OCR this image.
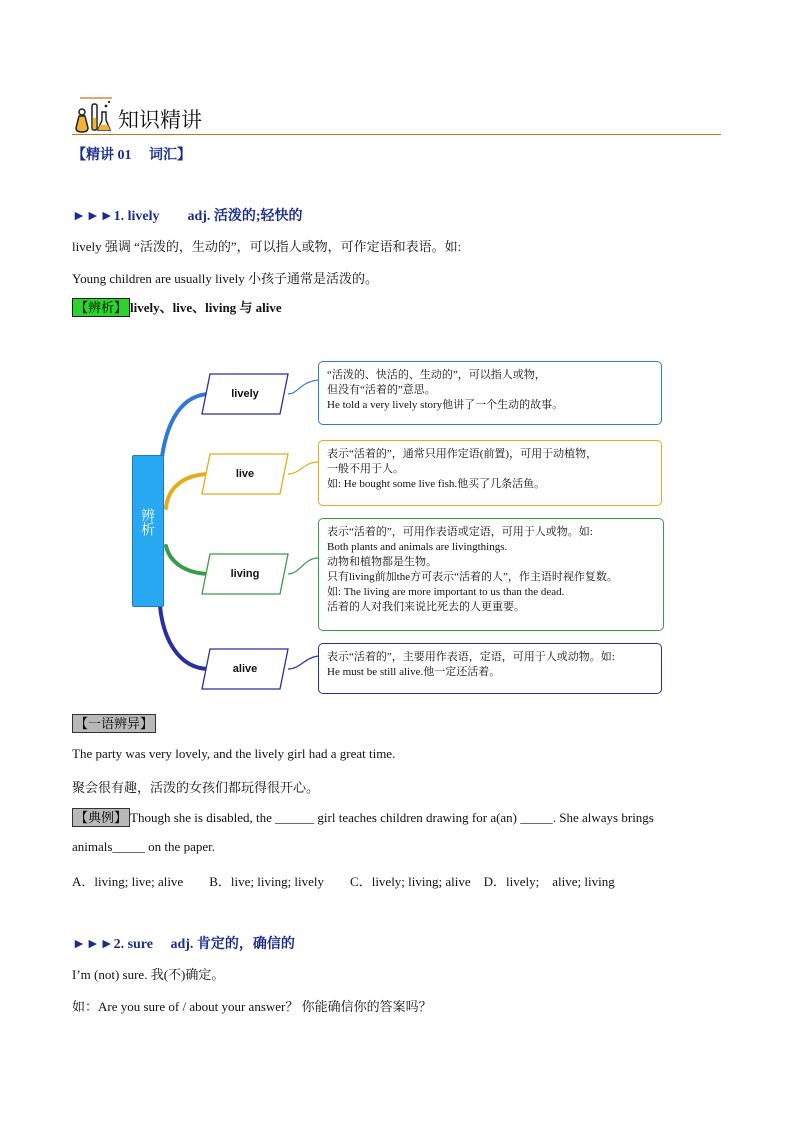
知识精讲
【精讲 01 　词汇】
►►►1. lively　　adj. 活泼的;轻快的
lively 强调 “活泼的，生动的”，可以指人或物，可作定语和表语。如:
Young children are usually lively 小孩子通常是活泼的。
【辨析】 lively、live、living 与 alive
辨析
lively
live
living
alive
“活泼的、快活的、生动的”，可以指人或物，
但没有“活着的”意思。
He told a very lively story他讲了一个生动的故事。
表示“活着的”，通常只用作定语(前置)，可用于动植物，
一般不用于人。
如: He bought some live fish.他买了几条活鱼。
表示“活着的”，可用作表语或定语，可用于人或物。如:
Both plants and animals are livingthings.
动物和植物都是生物。
只有living前加the方可表示“活着的人”，作主语时视作复数。
如: The living are more important to us than the dead.
活着的人对我们来说比死去的人更重要。
表示“活着的”，主要用作表语，定语，可用于人或动物。如:
He must be still alive.他一定还活着。
【一语辨异】
The party was very lovely, and the lively girl had a great time.
聚会很有趣，活泼的女孩们都玩得很开心。
【典例】 Though she is disabled, the ______ girl teaches children drawing for a(an) _____. She always brings
animals_____ on the paper.
A．living; live; alive　　B．live; living; lively　　C．lively; living; alive　D．lively;　alive; living
►►►2. sure　 adj. 肯定的，确信的
I’m (not) sure. 我(不)确定。
如：Are you sure of / about your answer？ 你能确信你的答案吗？
